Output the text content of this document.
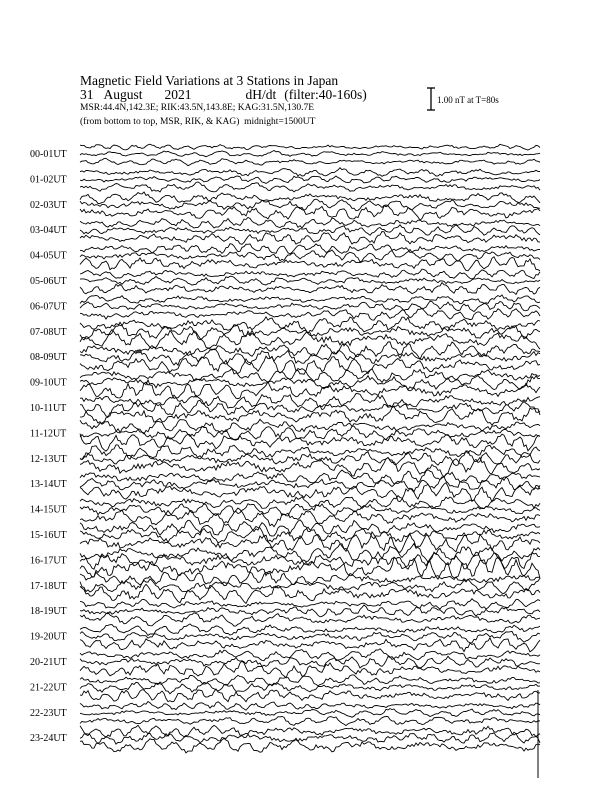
Magnetic Field Variations at 3 Stations in Japan
31 August 2021	dH/dt (filter:40-160s)
MSR:44.4N,142.3E; RIK:43.5N,143.8E; KAG:31.5N,130.7E
(from bottom to top, MSR, RIK, & KAG) midnight=1500UT
1.00 nT at T=80s
00-01UT
01-02UT
02-03UT
03-04UT
04-05UT
05-06UT
06-07UT
07-08UT
08-09UT
09-10UT
10-11UT
11-12UT
12-13UT
13-14UT
14-15UT
15-16UT
16-17UT
17-18UT
18-19UT
19-20UT
20-21UT
21-22UT
22-23UT
23-24UT
